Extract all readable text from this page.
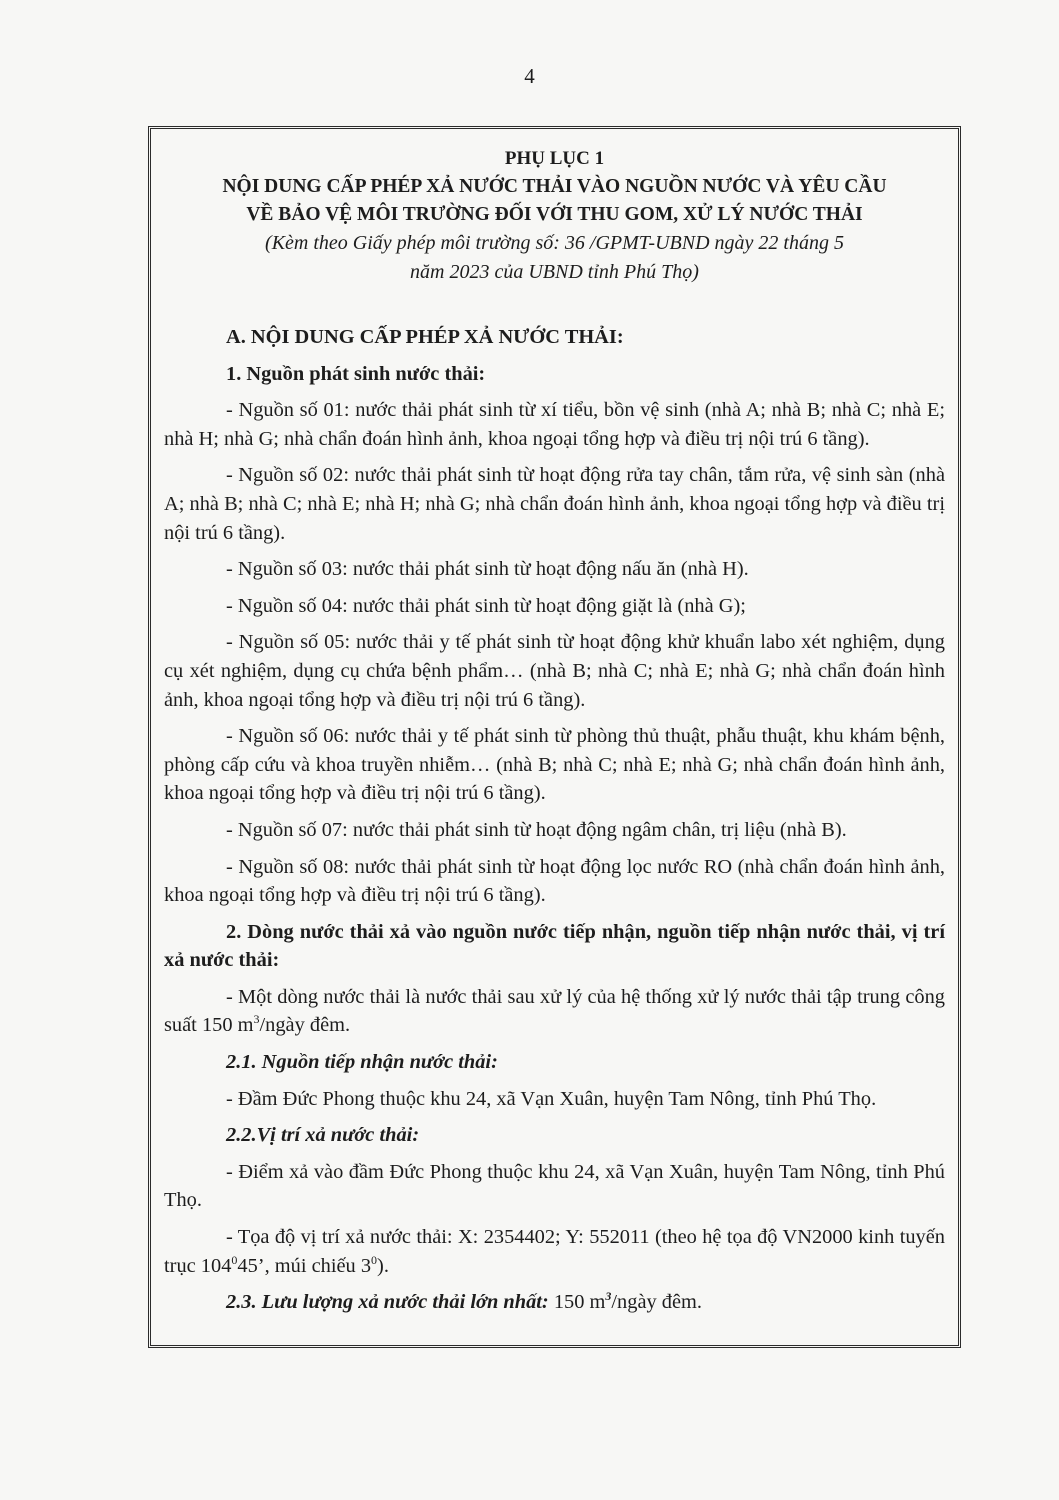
4
PHỤ LỤC 1
NỘI DUNG CẤP PHÉP XẢ NƯỚC THẢI VÀO NGUỒN NƯỚC VÀ YÊU CẦU
VỀ BẢO VỆ MÔI TRƯỜNG ĐỐI VỚI THU GOM, XỬ LÝ NƯỚC THẢI
(Kèm theo Giấy phép môi trường số: 36 /GPMT-UBND ngày 22 tháng 5
năm 2023 của UBND tỉnh Phú Thọ)

A. NỘI DUNG CẤP PHÉP XẢ NƯỚC THẢI:

1. Nguồn phát sinh nước thải:

- Nguồn số 01: nước thải phát sinh từ xí tiểu, bồn vệ sinh (nhà A; nhà B; nhà C; nhà E; nhà H; nhà G; nhà chẩn đoán hình ảnh, khoa ngoại tổng hợp và điều trị nội trú 6 tầng).

- Nguồn số 02: nước thải phát sinh từ hoạt động rửa tay chân, tắm rửa, vệ sinh sàn (nhà A; nhà B; nhà C; nhà E; nhà H; nhà G; nhà chẩn đoán hình ảnh, khoa ngoại tổng hợp và điều trị nội trú 6 tầng).

- Nguồn số 03: nước thải phát sinh từ hoạt động nấu ăn (nhà H).

- Nguồn số 04: nước thải phát sinh từ hoạt động giặt là (nhà G);

- Nguồn số 05: nước thải y tế phát sinh từ hoạt động khử khuẩn labo xét nghiệm, dụng cụ xét nghiệm, dụng cụ chứa bệnh phẩm… (nhà B; nhà C; nhà E; nhà G; nhà chẩn đoán hình ảnh, khoa ngoại tổng hợp và điều trị nội trú 6 tầng).

- Nguồn số 06: nước thải y tế phát sinh từ phòng thủ thuật, phẫu thuật, khu khám bệnh, phòng cấp cứu và khoa truyền nhiễm… (nhà B; nhà C; nhà E; nhà G; nhà chẩn đoán hình ảnh, khoa ngoại tổng hợp và điều trị nội trú 6 tầng).

- Nguồn số 07: nước thải phát sinh từ hoạt động ngâm chân, trị liệu (nhà B).

- Nguồn số 08: nước thải phát sinh từ hoạt động lọc nước RO (nhà chẩn đoán hình ảnh, khoa ngoại tổng hợp và điều trị nội trú 6 tầng).

2. Dòng nước thải xả vào nguồn nước tiếp nhận, nguồn tiếp nhận nước thải, vị trí xả nước thải:

- Một dòng nước thải là nước thải sau xử lý của hệ thống xử lý nước thải tập trung công suất 150 $m^3$/ngày đêm.

2.1. Nguồn tiếp nhận nước thải:

- Đầm Đức Phong thuộc khu 24, xã Vạn Xuân, huyện Tam Nông, tỉnh Phú Thọ.

2.2.Vị trí xả nước thải:

- Điểm xả vào đầm Đức Phong thuộc khu 24, xã Vạn Xuân, huyện Tam Nông, tỉnh Phú Thọ.

- Tọa độ vị trí xả nước thải: X: 2354402; Y: 552011 (theo hệ tọa độ VN2000 kinh tuyến trục $104^045$’, múi chiếu $3^0$).

2.3. Lưu lượng xả nước thải lớn nhất: 150 $m^3$/ngày đêm.
